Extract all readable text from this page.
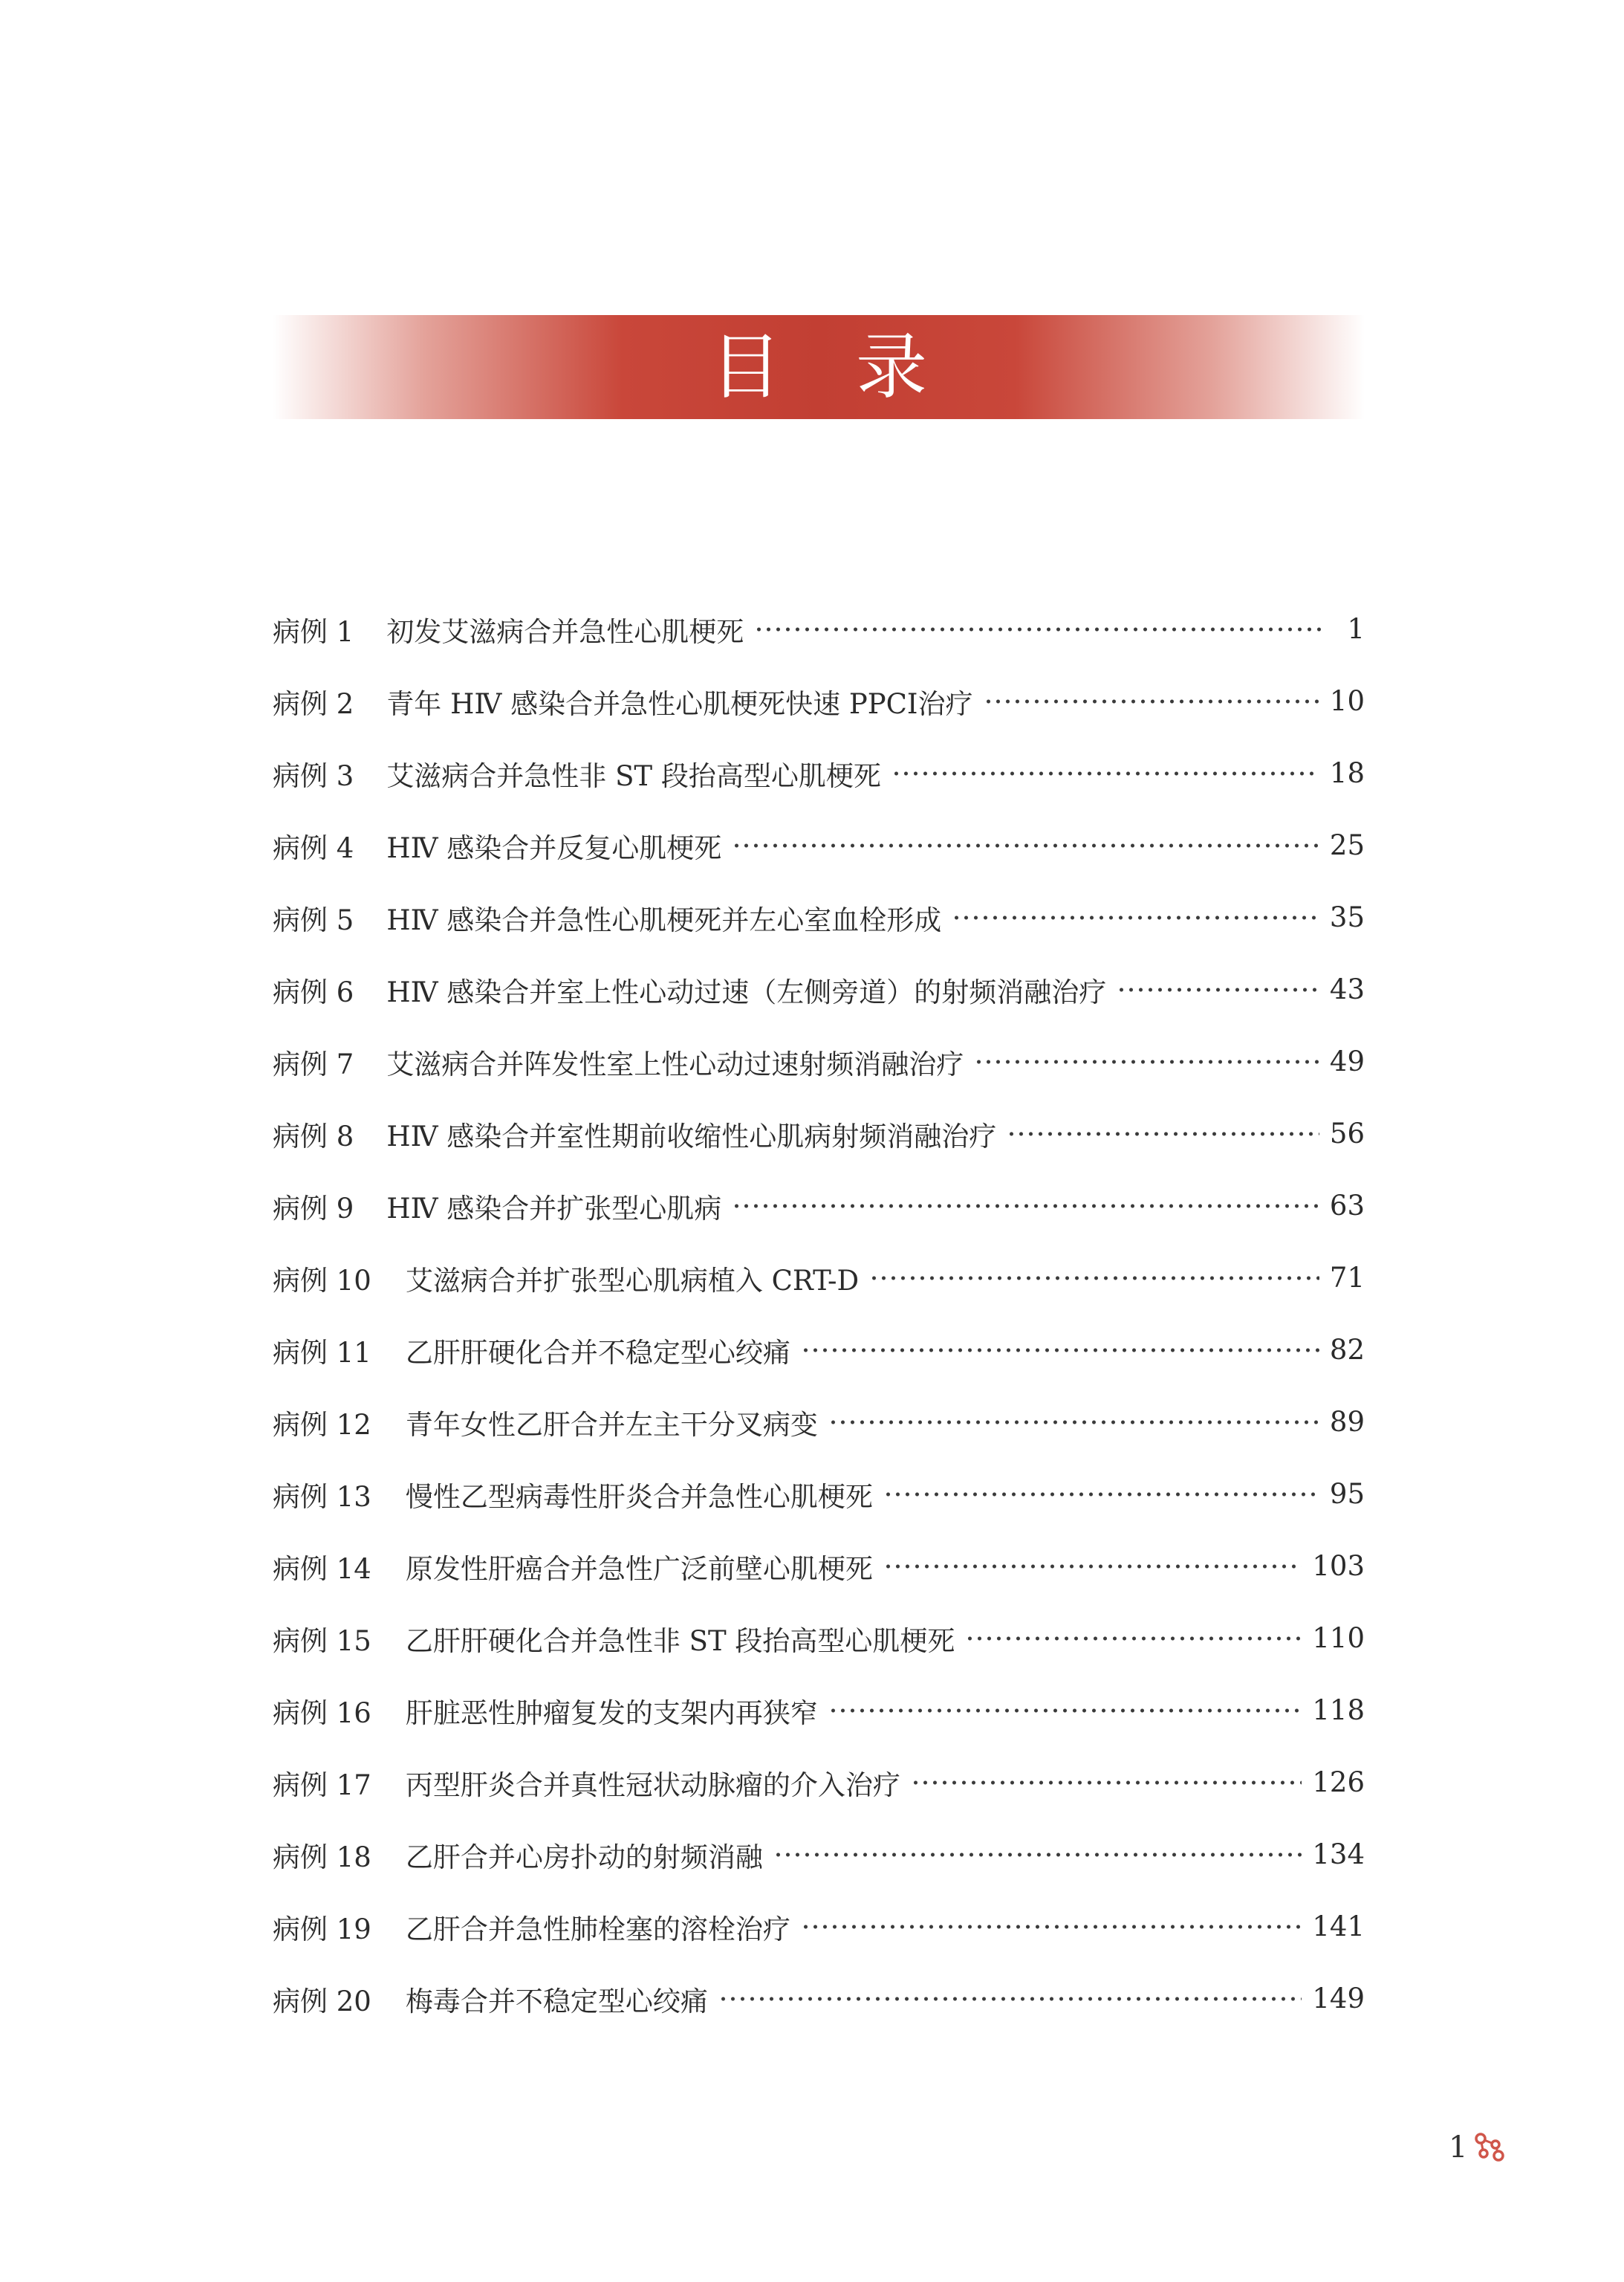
目录
病例 1 初发艾滋病合并急性心肌梗死	1
病例 2 青年 HⅣ 感染合并急性心肌梗死快速 PPCI治疗	10
病例 3 艾滋病合并急性非 ST 段抬高型心肌梗死	18
病例 4 HⅣ 感染合并反复心肌梗死	25
病例 5 HⅣ 感染合并急性心肌梗死并左心室血栓形成	35
病例 6 HⅣ 感染合并室上性心动过速（左侧旁道）的射频消融治疗	43
病例 7 艾滋病合并阵发性室上性心动过速射频消融治疗	49
病例 8 HⅣ 感染合并室性期前收缩性心肌病射频消融治疗	56
病例 9 HⅣ 感染合并扩张型心肌病	63
病例 10 艾滋病合并扩张型心肌病植入 CRT-D	71
病例 11 乙肝肝硬化合并不稳定型心绞痛	82
病例 12 青年女性乙肝合并左主干分叉病变	89
病例 13 慢性乙型病毒性肝炎合并急性心肌梗死	95
病例 14 原发性肝癌合并急性广泛前壁心肌梗死	103
病例 15 乙肝肝硬化合并急性非 ST 段抬高型心肌梗死	110
病例 16 肝脏恶性肿瘤复发的支架内再狭窄	118
病例 17 丙型肝炎合并真性冠状动脉瘤的介入治疗	126
病例 18 乙肝合并心房扑动的射频消融	134
病例 19 乙肝合并急性肺栓塞的溶栓治疗	141
病例 20 梅毒合并不稳定型心绞痛	149
1
